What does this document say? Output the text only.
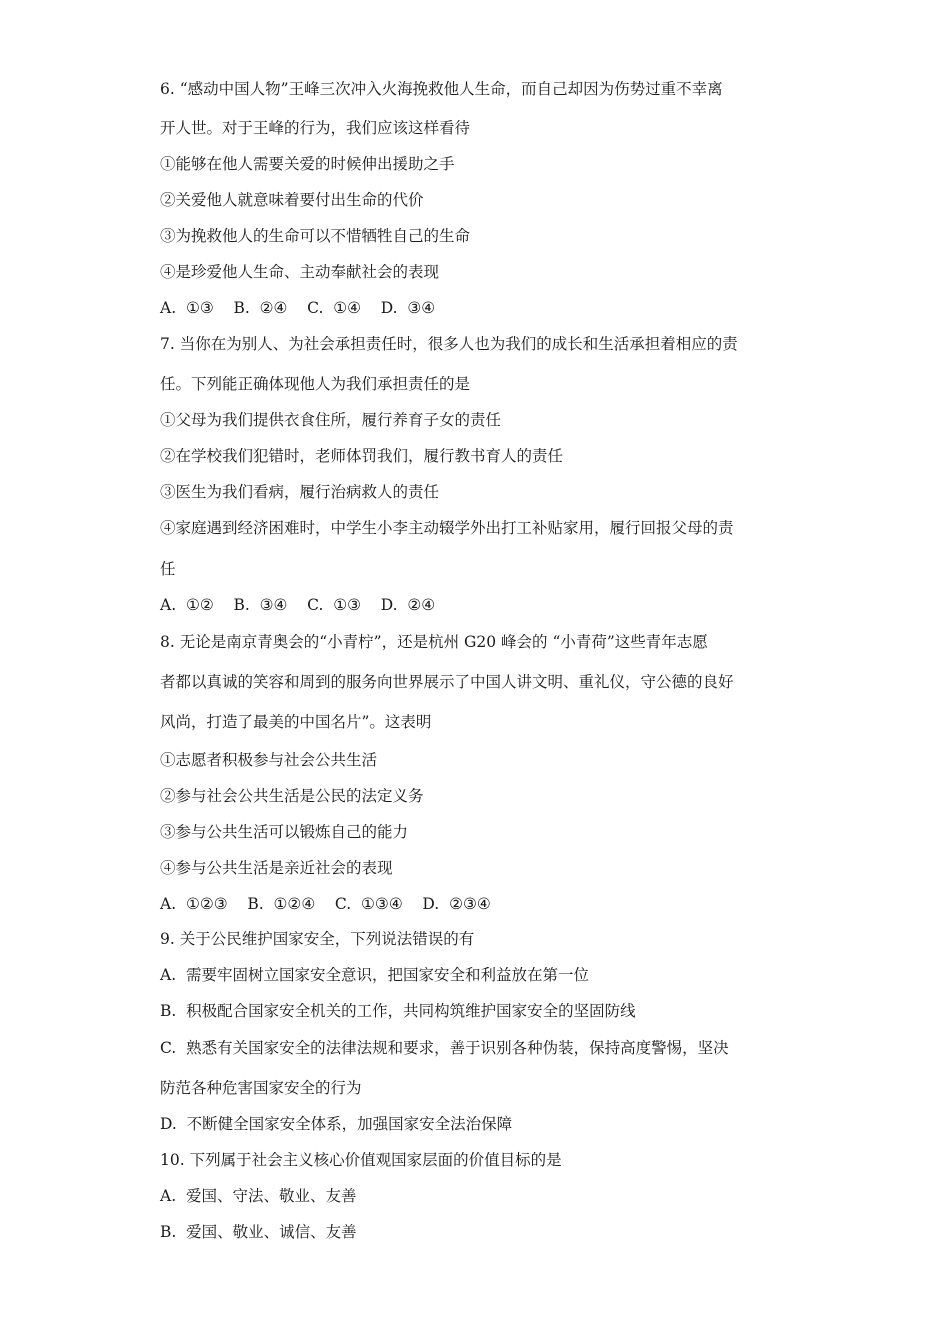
6. “感动中国人物”王峰三次冲入火海挽救他人生命，而自己却因为伤势过重不幸离
开人世。对于王峰的行为，我们应该这样看待
①能够在他人需要关爱的时候伸出援助之手
②关爱他人就意味着要付出生命的代价
③为挽救他人的生命可以不惜牺牲自己的生命
④是珍爱他人生命、主动奉献社会的表现
A.  ①③    B.  ②④    C.  ①④    D.  ③④
7. 当你在为别人、为社会承担责任时，很多人也为我们的成长和生活承担着相应的责
任。下列能正确体现他人为我们承担责任的是
①父母为我们提供衣食住所，履行养育子女的责任
②在学校我们犯错时，老师体罚我们，履行教书育人的责任
③医生为我们看病，履行治病救人的责任
④家庭遇到经济困难时，中学生小李主动辍学外出打工补贴家用，履行回报父母的责
任
A.  ①②    B.  ③④    C.  ①③    D.  ②④
8. 无论是南京青奥会的“小青柠”，还是杭州 G20 峰会的 “小青荷”这些青年志愿
者都以真诚的笑容和周到的服务向世界展示了中国人讲文明、重礼仪，守公德的良好
风尚，打造了最美的中国名片”。这表明
①志愿者积极参与社会公共生活
②参与社会公共生活是公民的法定义务
③参与公共生活可以锻炼自己的能力
④参与公共生活是亲近社会的表现
A.  ①②③    B.  ①②④    C.  ①③④    D.  ②③④
9. 关于公民维护国家安全，下列说法错误的有
A.  需要牢固树立国家安全意识，把国家安全和利益放在第一位
B.  积极配合国家安全机关的工作，共同构筑维护国家安全的坚固防线
C.  熟悉有关国家安全的法律法规和要求，善于识别各种伪装，保持高度警惕，坚决
防范各种危害国家安全的行为
D.  不断健全国家安全体系，加强国家安全法治保障
10. 下列属于社会主义核心价值观国家层面的价值目标的是
A.  爱国、守法、敬业、友善
B.  爱国、敬业、诚信、友善
